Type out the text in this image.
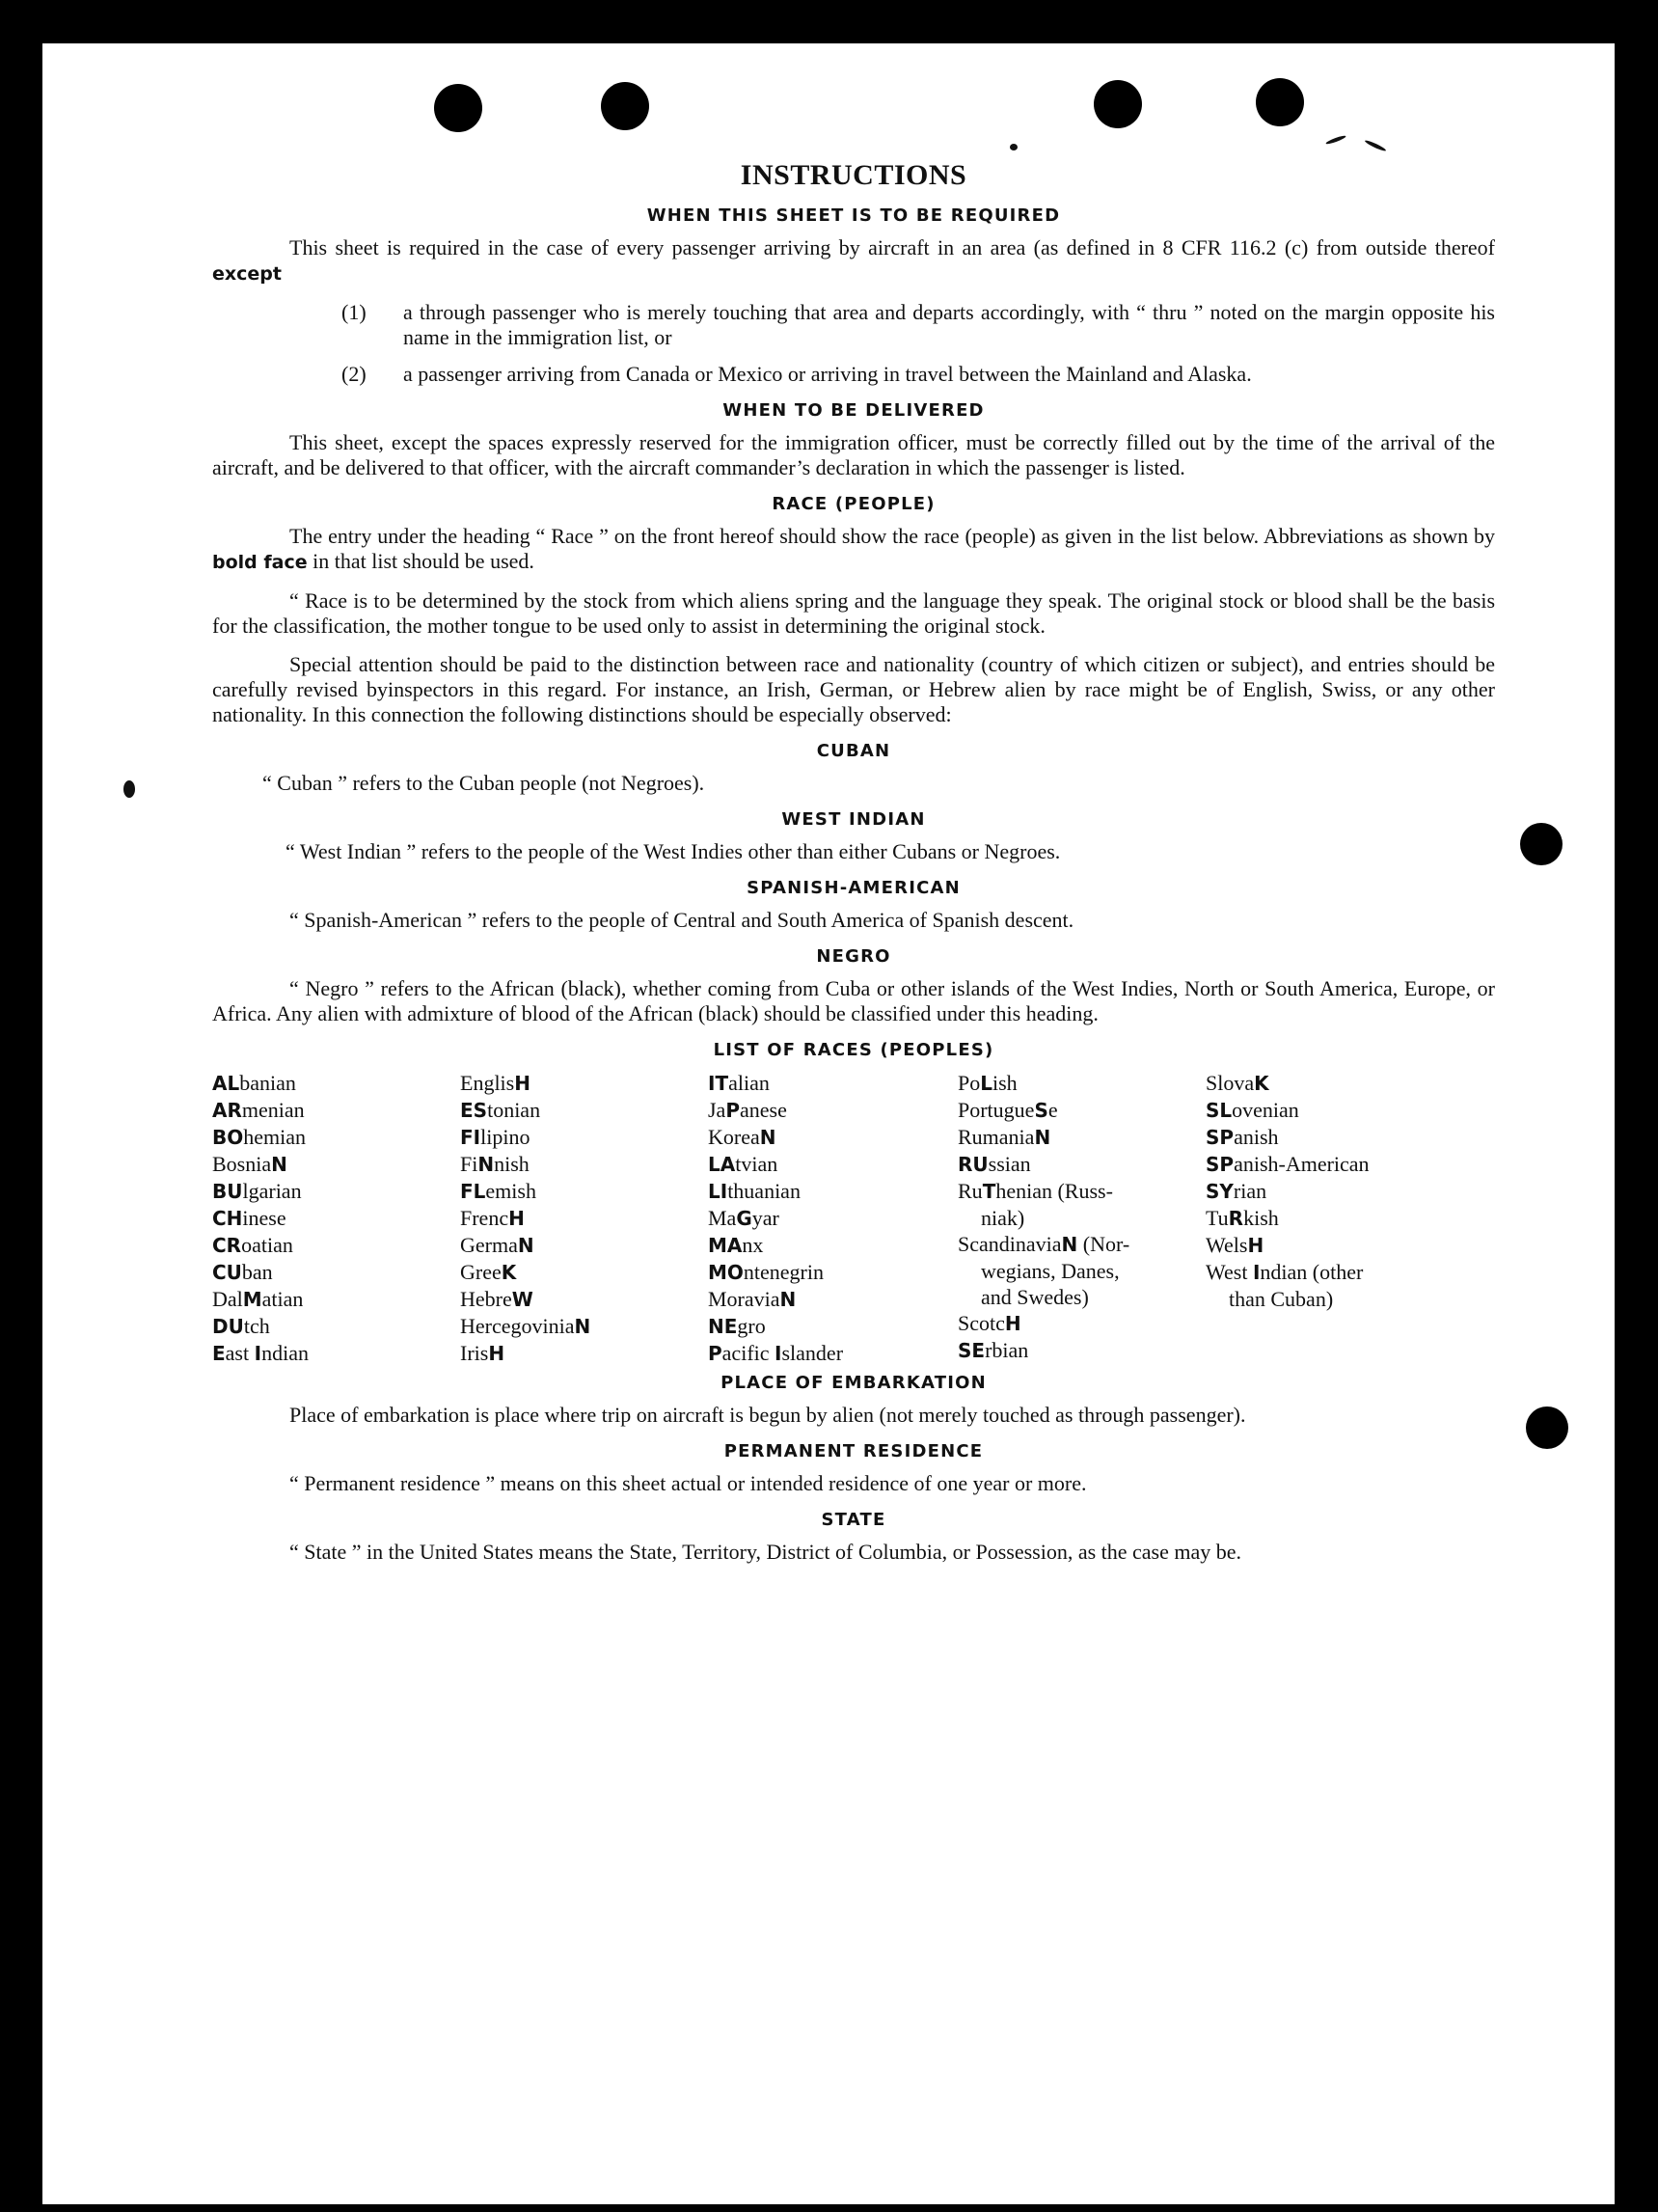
INSTRUCTIONS
WHEN THIS SHEET IS TO BE REQUIRED

This sheet is required in the case of every passenger arriving by aircraft in an area (as defined in 8 CFR 116.2 (c) from outside thereof except

(1)	a through passenger who is merely touching that area and departs accordingly, with “ thru ” noted on the margin opposite his name in the immigration list, or
(2)	a passenger arriving from Canada or Mexico or arriving in travel between the Mainland and Alaska.
WHEN TO BE DELIVERED

This sheet, except the spaces expressly reserved for the immigration officer, must be correctly filled out by the time of the arrival of the aircraft, and be delivered to that officer, with the aircraft commander’s declaration in which the passenger is listed.

RACE (PEOPLE)

The entry under the heading “ Race ” on the front hereof should show the race (people) as given in the list below. Abbreviations as shown by bold face in that list should be used.

“ Race is to be determined by the stock from which aliens spring and the language they speak. The original stock or blood shall be the basis for the classification, the mother tongue to be used only to assist in determining the original stock.

Special attention should be paid to the distinction between race and nationality (country of which citizen or subject), and entries should be carefully revised byinspectors in this regard. For instance, an Irish, German, or Hebrew alien by race might be of English, Swiss, or any other nationality. In this connection the following distinctions should be especially observed:

CUBAN

“ Cuban ” refers to the Cuban people (not Negroes).

WEST INDIAN

“ West Indian ” refers to the people of the West Indies other than either Cubans or Negroes.

SPANISH-AMERICAN

“ Spanish-American ” refers to the people of Central and South America of Spanish descent.

NEGRO

“ Negro ” refers to the African (black), whether coming from Cuba or other islands of the West Indies, North or South America, Europe, or Africa. Any alien with admixture of blood of the African (black) should be classified under this heading.

LIST OF RACES (PEOPLES)
ALbanian
ARmenian
BOhemian
BosniaN
BUlgarian
CHinese
CRoatian
CUban
DalMatian
DUtch
East Indian
EnglisH
EStonian
FIlipino
FiNnish
FLemish
FrencH
GermaN
GreeK
HebreW
HercegoviniaN
IrisH
ITalian
JaPanese
KoreaN
LAtvian
LIthuanian
MaGyar
MAnx
MOntenegrin
MoraviaN
NEgro
Pacific Islander
PoLish
PortugueSe
RumaniaN
RUssian
RuThenian (Russ-
niak)
ScandinaviaN (Nor-
wegians, Danes,
and Swedes)
ScotcH
SErbian
SlovaK
SLovenian
SPanish
SPanish-American
SYrian
TuRkish
WelsH
West Indian (other
than Cuban)
PLACE OF EMBARKATION

Place of embarkation is place where trip on aircraft is begun by alien (not merely touched as through passenger).

PERMANENT RESIDENCE

“ Permanent residence ” means on this sheet actual or intended residence of one year or more.

STATE

“ State ” in the United States means the State, Territory, District of Columbia, or Possession, as the case may be.
